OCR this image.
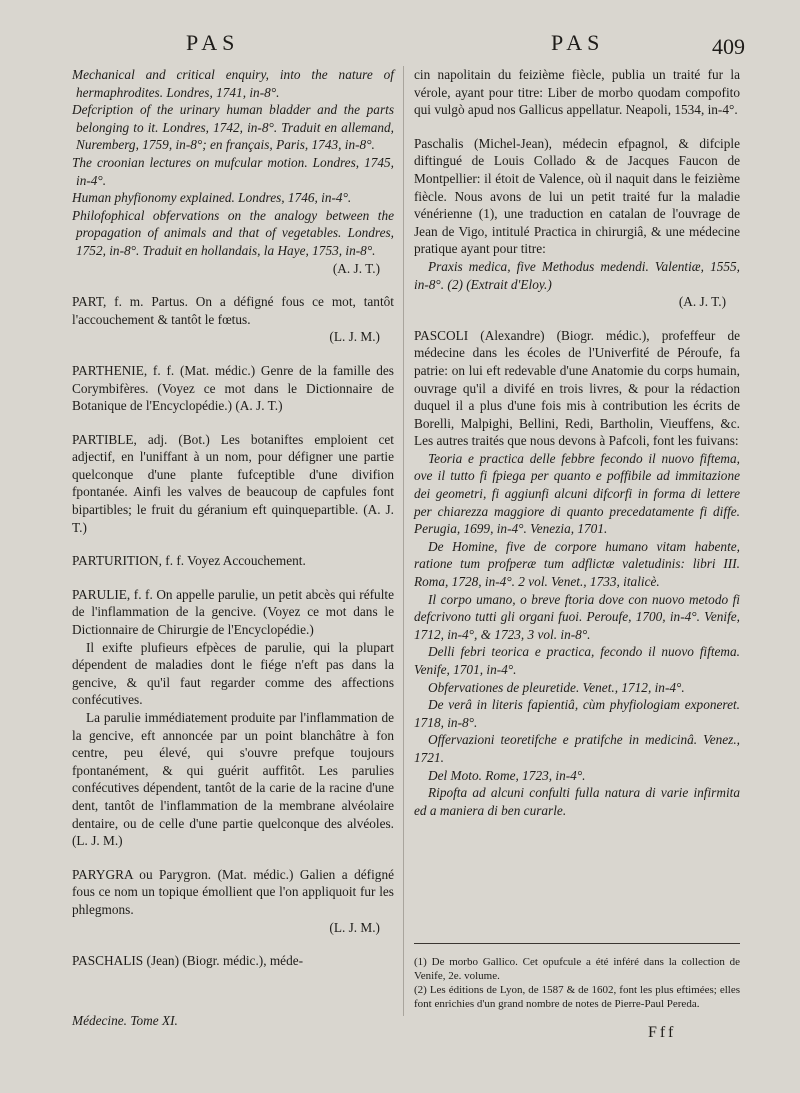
PAS	PAS	409

Mechanical and critical enquiry, into the nature of hermaphrodites. Londres, 1741, in-8°.

Defcription of the urinary human bladder and the parts belonging to it. Londres, 1742, in-8°. Traduit en allemand, Nuremberg, 1759, in-8°; en français, Paris, 1743, in-8°.

The croonian lectures on mufcular motion. Londres, 1745, in-4°.

Human phyfionomy explained. Londres, 1746, in-4°.

Philofophical obfervations on the analogy between the propagation of animals and that of vegetables. Londres, 1752, in-8°. Traduit en hollandais, la Haye, 1753, in-8°.

(A. J. T.)

PART, f. m. Partus. On a défigné fous ce mot, tantôt l'accouchement & tantôt le fœtus.

(L. J. M.)

PARTHENIE, f. f. (Mat. médic.) Genre de la famille des Corymbifères. (Voyez ce mot dans le Dictionnaire de Botanique de l'Encyclopédie.) (A. J. T.)

PARTIBLE, adj. (Bot.) Les botaniftes emploient cet adjectif, en l'uniffant à un nom, pour défigner une partie quelconque d'une plante fufceptible d'une divifion fpontanée. Ainfi les valves de beaucoup de capfules font bipartibles; le fruit du géranium eft quinquepartible. (A. J. T.)

PARTURITION, f. f. Voyez Accouchement.

PARULIE, f. f. On appelle parulie, un petit abcès qui réfulte de l'inflammation de la gencive. (Voyez ce mot dans le Dictionnaire de Chirurgie de l'Encyclopédie.)

Il exifte plufieurs efpèces de parulie, qui la plupart dépendent de maladies dont le fiége n'eft pas dans la gencive, & qu'il faut regarder comme des affections confécutives.

La parulie immédiatement produite par l'inflammation de la gencive, eft annoncée par un point blanchâtre à fon centre, peu élevé, qui s'ouvre prefque toujours fpontanément, & qui guérit auffitôt. Les parulies confécutives dépendent, tantôt de la carie de la racine d'une dent, tantôt de l'inflammation de la membrane alvéolaire dentaire, ou de celle d'une partie quelconque des alvéoles. (L. J. M.)

PARYGRA ou Parygron. (Mat. médic.) Galien a défigné fous ce nom un topique émollient que l'on appliquoit fur les phlegmons.

(L. J. M.)

PASCHALIS (Jean) (Biogr. médic.), méde-

cin napolitain du feizième fiècle, publia un traité fur la vérole, ayant pour titre: Liber de morbo quodam compofito qui vulgò apud nos Gallicus appellatur. Neapoli, 1534, in-4°.

Paschalis (Michel-Jean), médecin efpagnol, & difciple diftingué de Louis Collado & de Jacques Faucon de Montpellier: il étoit de Valence, où il naquit dans le feizième fiècle. Nous avons de lui un petit traité fur la maladie vénérienne (1), une traduction en catalan de l'ouvrage de Jean de Vigo, intitulé Practica in chirurgiâ, & une médecine pratique ayant pour titre:

Praxis medica, five Methodus medendi. Valentiæ, 1555, in-8°. (2) (Extrait d'Eloy.)

(A. J. T.)

PASCOLI (Alexandre) (Biogr. médic.), profeffeur de médecine dans les écoles de l'Univerfité de Péroufe, fa patrie: on lui eft redevable d'une Anatomie du corps humain, ouvrage qu'il a divifé en trois livres, & pour la rédaction duquel il a plus d'une fois mis à contribution les écrits de Borelli, Malpighi, Bellini, Redi, Bartholin, Vieuffens, &c. Les autres traités que nous devons à Pafcoli, font les fuivans:

Teoria e practica delle febbre fecondo il nuovo fiftema, ove il tutto fi fpiega per quanto e poffibile ad immitazione dei geometri, fi aggiunfi alcuni difcorfi in forma di lettere per chiarezza maggiore di quanto precedatamente fi diffe. Perugia, 1699, in-4°. Venezia, 1701.

De Homine, five de corpore humano vitam habente, ratione tum profperæ tum adflictæ valetudinis: libri III. Roma, 1728, in-4°. 2 vol. Venet., 1733, italicè.

Il corpo umano, o breve ftoria dove con nuovo metodo fi defcrivono tutti gli organi fuoi. Peroufe, 1700, in-4°. Venife, 1712, in-4°, & 1723, 3 vol. in-8°.

Delli febri teorica e practica, fecondo il nuovo fiftema. Venife, 1701, in-4°.

Obfervationes de pleuretide. Venet., 1712, in-4°.

De verâ in literis fapientiâ, cùm phyfiologiam exponeret. 1718, in-8°.

Offervazioni teoretifche e pratifche in medicinâ. Venez., 1721.

Del Moto. Rome, 1723, in-4°.

Ripofta ad alcuni confulti fulla natura di varie infirmita ed a maniera di ben curarle.

(1) De morbo Gallico. Cet opufcule a été inféré dans la collection de Venife, 2e. volume.
(2) Les éditions de Lyon, de 1587 & de 1602, font les plus eftimées; elles font enrichies d'un grand nombre de notes de Pierre-Paul Pereda.
Médecine. Tome XI.
Fff
